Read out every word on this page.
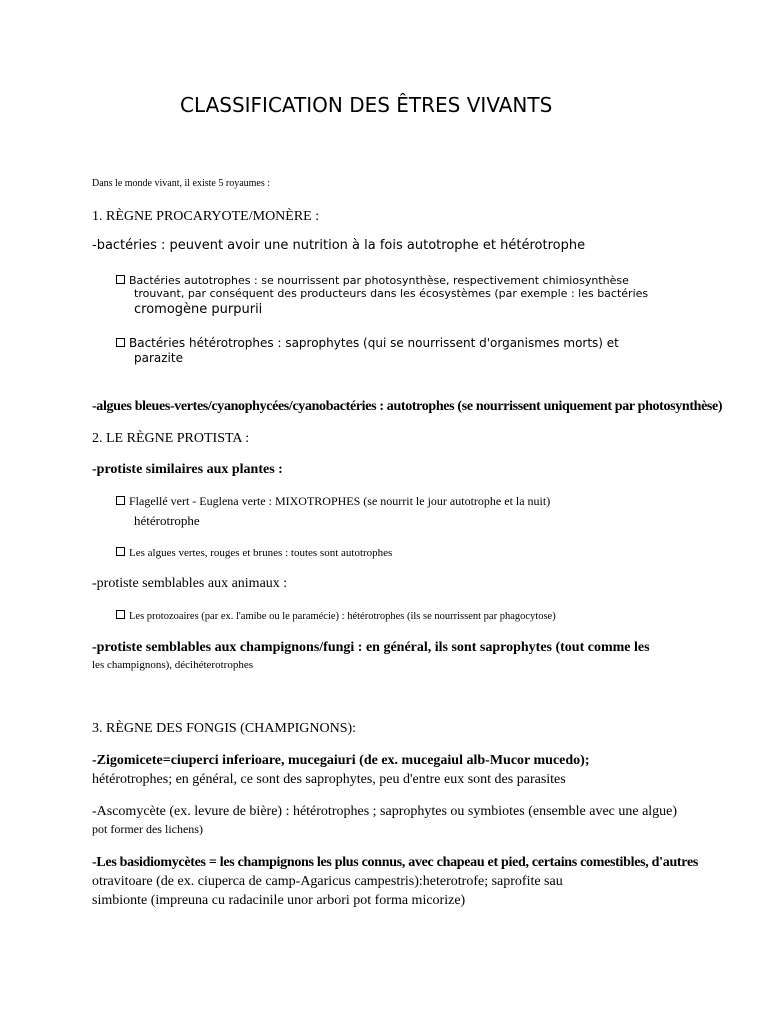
CLASSIFICATION DES ÊTRES VIVANTS
Dans le monde vivant, il existe 5 royaumes :
1. RÈGNE PROCARYOTE/MONÈRE :
-bactéries : peuvent avoir une nutrition à la fois autotrophe et hétérotrophe
Bactéries autotrophes : se nourrissent par photosynthèse, respectivement chimiosynthèse
trouvant, par conséquent des producteurs dans les écosystèmes (par exemple : les bactéries
cromogène purpurii
Bactéries hétérotrophes : saprophytes (qui se nourrissent d'organismes morts) et
parazite
-algues bleues-vertes/cyanophycées/cyanobactéries : autotrophes (se nourrissent uniquement par photosynthèse)
2. LE RÈGNE PROTISTA :
-protiste similaires aux plantes :
Flagellé vert - Euglena verte : MIXOTROPHES (se nourrit le jour autotrophe et la nuit)
hétérotrophe
Les algues vertes, rouges et brunes : toutes sont autotrophes
-protiste semblables aux animaux :
Les protozoaires (par ex. l'amibe ou le paramécie) : hétérotrophes (ils se nourrissent par phagocytose)
-protiste semblables aux champignons/fungi : en général, ils sont saprophytes (tout comme les
les champignons), décihéterotrophes
3. RÈGNE DES FONGIS (CHAMPIGNONS):
-Zigomicete=ciuperci inferioare, mucegaiuri (de ex. mucegaiul alb-Mucor mucedo);
hétérotrophes; en général, ce sont des saprophytes, peu d'entre eux sont des parasites
-Ascomycète (ex. levure de bière) : hétérotrophes ; saprophytes ou symbiotes (ensemble avec une algue)
pot former des lichens)
-Les basidiomycètes = les champignons les plus connus, avec chapeau et pied, certains comestibles, d'autres
otravitoare (de ex. ciuperca de camp-Agaricus campestris):heterotrofe; saprofite sau
simbionte (impreuna cu radacinile unor arbori pot forma micorize)
